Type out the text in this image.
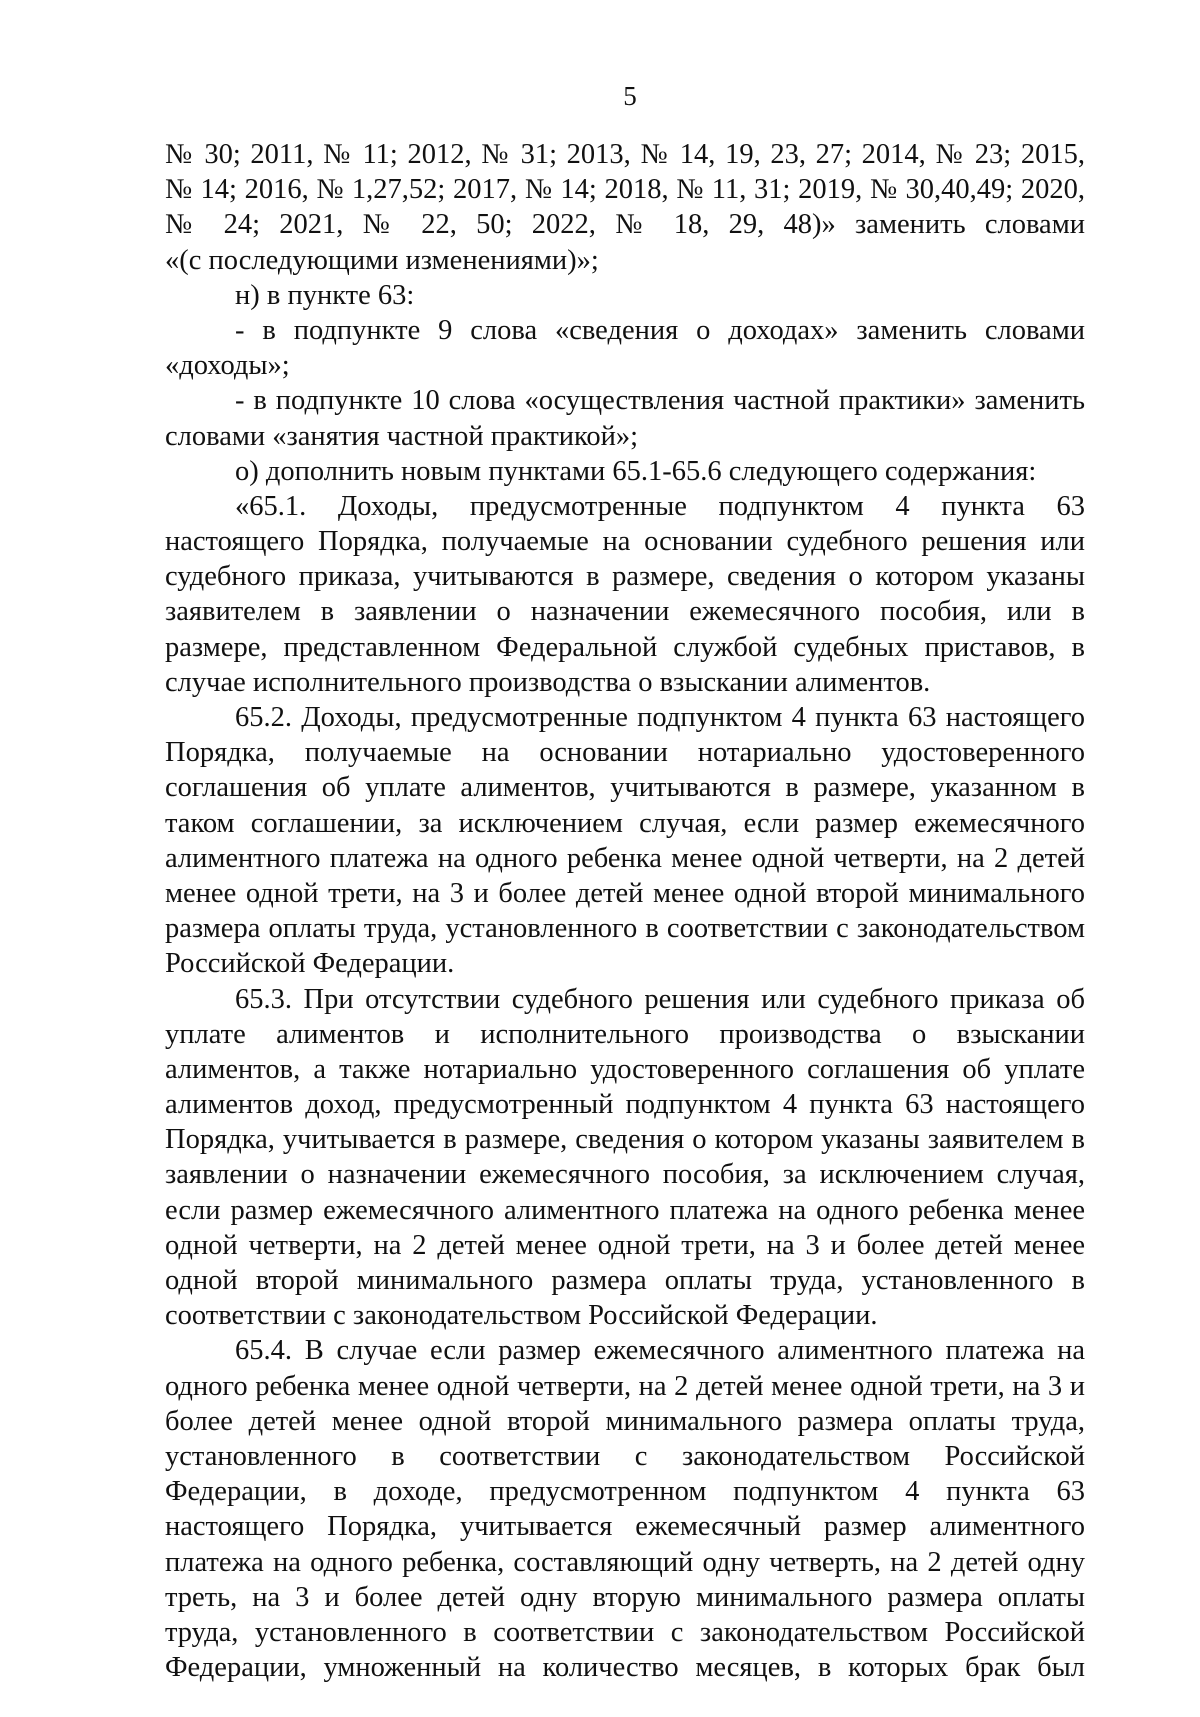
5
№ 30; 2011, № 11; 2012, № 31; 2013, № 14, 19, 23, 27; 2014, № 23; 2015,
№ 14; 2016, № 1,27,52; 2017, № 14; 2018, № 11, 31; 2019, № 30,40,49; 2020,
№ 24; 2021, № 22, 50; 2022, № 18, 29, 48)» заменить словами
«(с последующими изменениями)»;
н) в пункте 63:
- в подпункте 9 слова «сведения о доходах» заменить словами
«доходы»;
- в подпункте 10 слова «осуществления частной практики» заменить
словами «занятия частной практикой»;
о) дополнить новым пунктами 65.1-65.6 следующего содержания:
«65.1. Доходы, предусмотренные подпунктом 4 пункта 63
настоящего Порядка, получаемые на основании судебного решения или
судебного приказа, учитываются в размере, сведения о котором указаны
заявителем в заявлении о назначении ежемесячного пособия, или в
размере, представленном Федеральной службой судебных приставов, в
случае исполнительного производства о взыскании алиментов.
65.2. Доходы, предусмотренные подпунктом 4 пункта 63 настоящего
Порядка, получаемые на основании нотариально удостоверенного
соглашения об уплате алиментов, учитываются в размере, указанном в
таком соглашении, за исключением случая, если размер ежемесячного
алиментного платежа на одного ребенка менее одной четверти, на 2 детей
менее одной трети, на 3 и более детей менее одной второй минимального
размера оплаты труда, установленного в соответствии с законодательством
Российской Федерации.
65.3. При отсутствии судебного решения или судебного приказа об
уплате алиментов и исполнительного производства о взыскании
алиментов, а также нотариально удостоверенного соглашения об уплате
алиментов доход, предусмотренный подпунктом 4 пункта 63 настоящего
Порядка, учитывается в размере, сведения о котором указаны заявителем в
заявлении о назначении ежемесячного пособия, за исключением случая,
если размер ежемесячного алиментного платежа на одного ребенка менее
одной четверти, на 2 детей менее одной трети, на 3 и более детей менее
одной второй минимального размера оплаты труда, установленного в
соответствии с законодательством Российской Федерации.
65.4. В случае если размер ежемесячного алиментного платежа на
одного ребенка менее одной четверти, на 2 детей менее одной трети, на 3 и
более детей менее одной второй минимального размера оплаты труда,
установленного в соответствии с законодательством Российской
Федерации, в доходе, предусмотренном подпунктом 4 пункта 63
настоящего Порядка, учитывается ежемесячный размер алиментного
платежа на одного ребенка, составляющий одну четверть, на 2 детей одну
треть, на 3 и более детей одну вторую минимального размера оплаты
труда, установленного в соответствии с законодательством Российской
Федерации, умноженный на количество месяцев, в которых брак был
